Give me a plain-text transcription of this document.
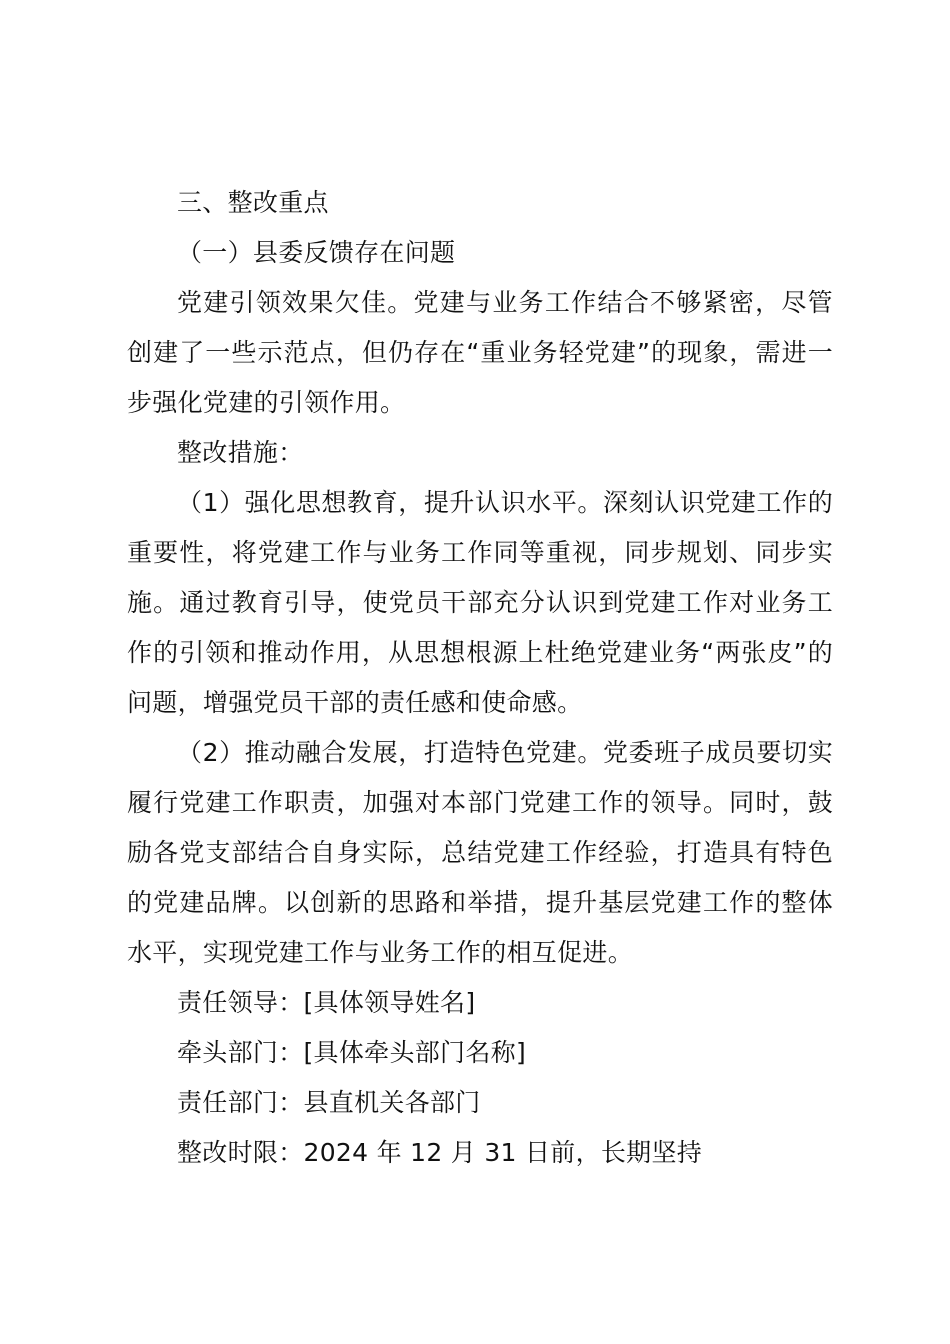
三、整改重点

（一）县委反馈存在问题

党建引领效果欠佳。党建与业务工作结合不够紧密，尽管创建了一些示范点，但仍存在“重业务轻党建”的现象，需进一步强化党建的引领作用。

整改措施：

（1）强化思想教育，提升认识水平。深刻认识党建工作的重要性，将党建工作与业务工作同等重视，同步规划、同步实施。通过教育引导，使党员干部充分认识到党建工作对业务工作的引领和推动作用，从思想根源上杜绝党建业务“两张皮”的问题，增强党员干部的责任感和使命感。

（2）推动融合发展，打造特色党建。党委班子成员要切实履行党建工作职责，加强对本部门党建工作的领导。同时，鼓励各党支部结合自身实际，总结党建工作经验，打造具有特色的党建品牌。以创新的思路和举措，提升基层党建工作的整体水平，实现党建工作与业务工作的相互促进。

责任领导：[具体领导姓名]

牵头部门：[具体牵头部门名称]

责任部门：县直机关各部门

整改时限：2024 年 12 月 31 日前，长期坚持
